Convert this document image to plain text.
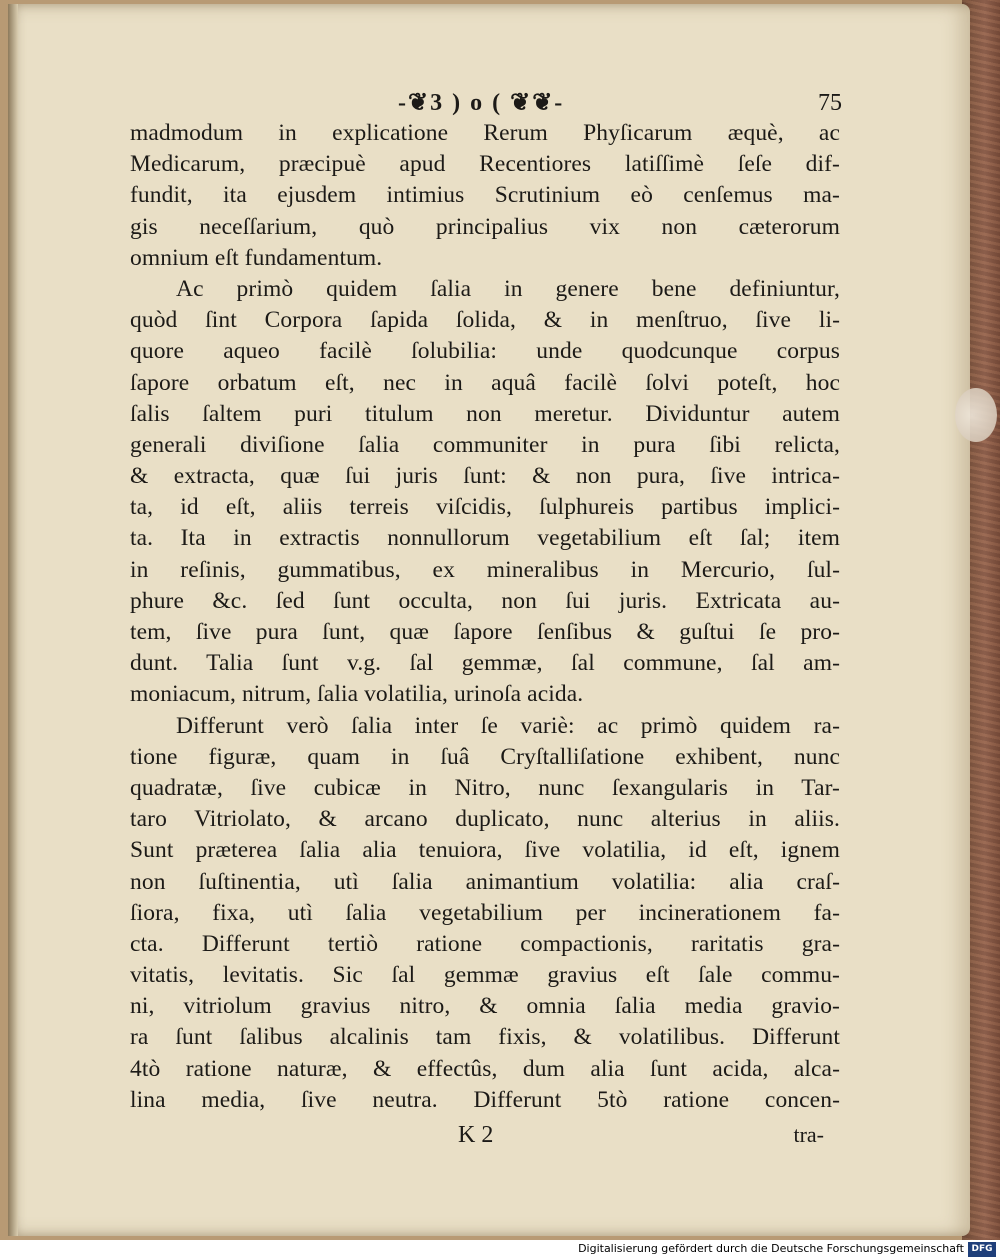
-❦3 ) o ( ❦❦-	75
madmodum in explicatione Rerum Phyſicarum æquè, ac
Medicarum, præcipuè apud Recentiores latiſſimè ſeſe dif-
fundit, ita ejusdem intimius Scrutinium eò cenſemus ma-
gis neceſſarium, quò principalius vix non cæterorum
omnium eſt fundamentum.
Ac primò quidem ſalia in genere bene definiuntur,
quòd ſint Corpora ſapida ſolida, & in menſtruo, ſive li-
quore aqueo facilè ſolubilia: unde quodcunque corpus
ſapore orbatum eſt, nec in aquâ facilè ſolvi poteſt, hoc
ſalis ſaltem puri titulum non meretur. Dividuntur autem
generali diviſione ſalia communiter in pura ſibi relicta,
& extracta, quæ ſui juris ſunt: & non pura, ſive intrica-
ta, id eſt, aliis terreis viſcidis, ſulphureis partibus implici-
ta. Ita in extractis nonnullorum vegetabilium eſt ſal; item
in reſinis, gummatibus, ex mineralibus in Mercurio, ſul-
phure &c. ſed ſunt occulta, non ſui juris. Extricata au-
tem, ſive pura ſunt, quæ ſapore ſenſibus & guſtui ſe pro-
dunt. Talia ſunt v.g. ſal gemmæ, ſal commune, ſal am-
moniacum, nitrum, ſalia volatilia, urinoſa acida.
Differunt verò ſalia inter ſe variè: ac primò quidem ra-
tione figuræ, quam in ſuâ Cryſtalliſatione exhibent, nunc
quadratæ, ſive cubicæ in Nitro, nunc ſexangularis in Tar-
taro Vitriolato, & arcano duplicato, nunc alterius in aliis.
Sunt præterea ſalia alia tenuiora, ſive volatilia, id eſt, ignem
non ſuſtinentia, utì ſalia animantium volatilia: alia craſ-
ſiora, fixa, utì ſalia vegetabilium per incinerationem fa-
cta. Differunt tertiò ratione compactionis, raritatis gra-
vitatis, levitatis. Sic ſal gemmæ gravius eſt ſale commu-
ni, vitriolum gravius nitro, & omnia ſalia media gravio-
ra ſunt ſalibus alcalinis tam fixis, & volatilibus. Differunt
4tò ratione naturæ, & effectûs, dum alia ſunt acida, alca-
lina media, ſive neutra. Differunt 5tò ratione concen-
K 2	tra-
Digitalisierung gefördert durch die Deutsche Forschungsgemeinschaft DFG
